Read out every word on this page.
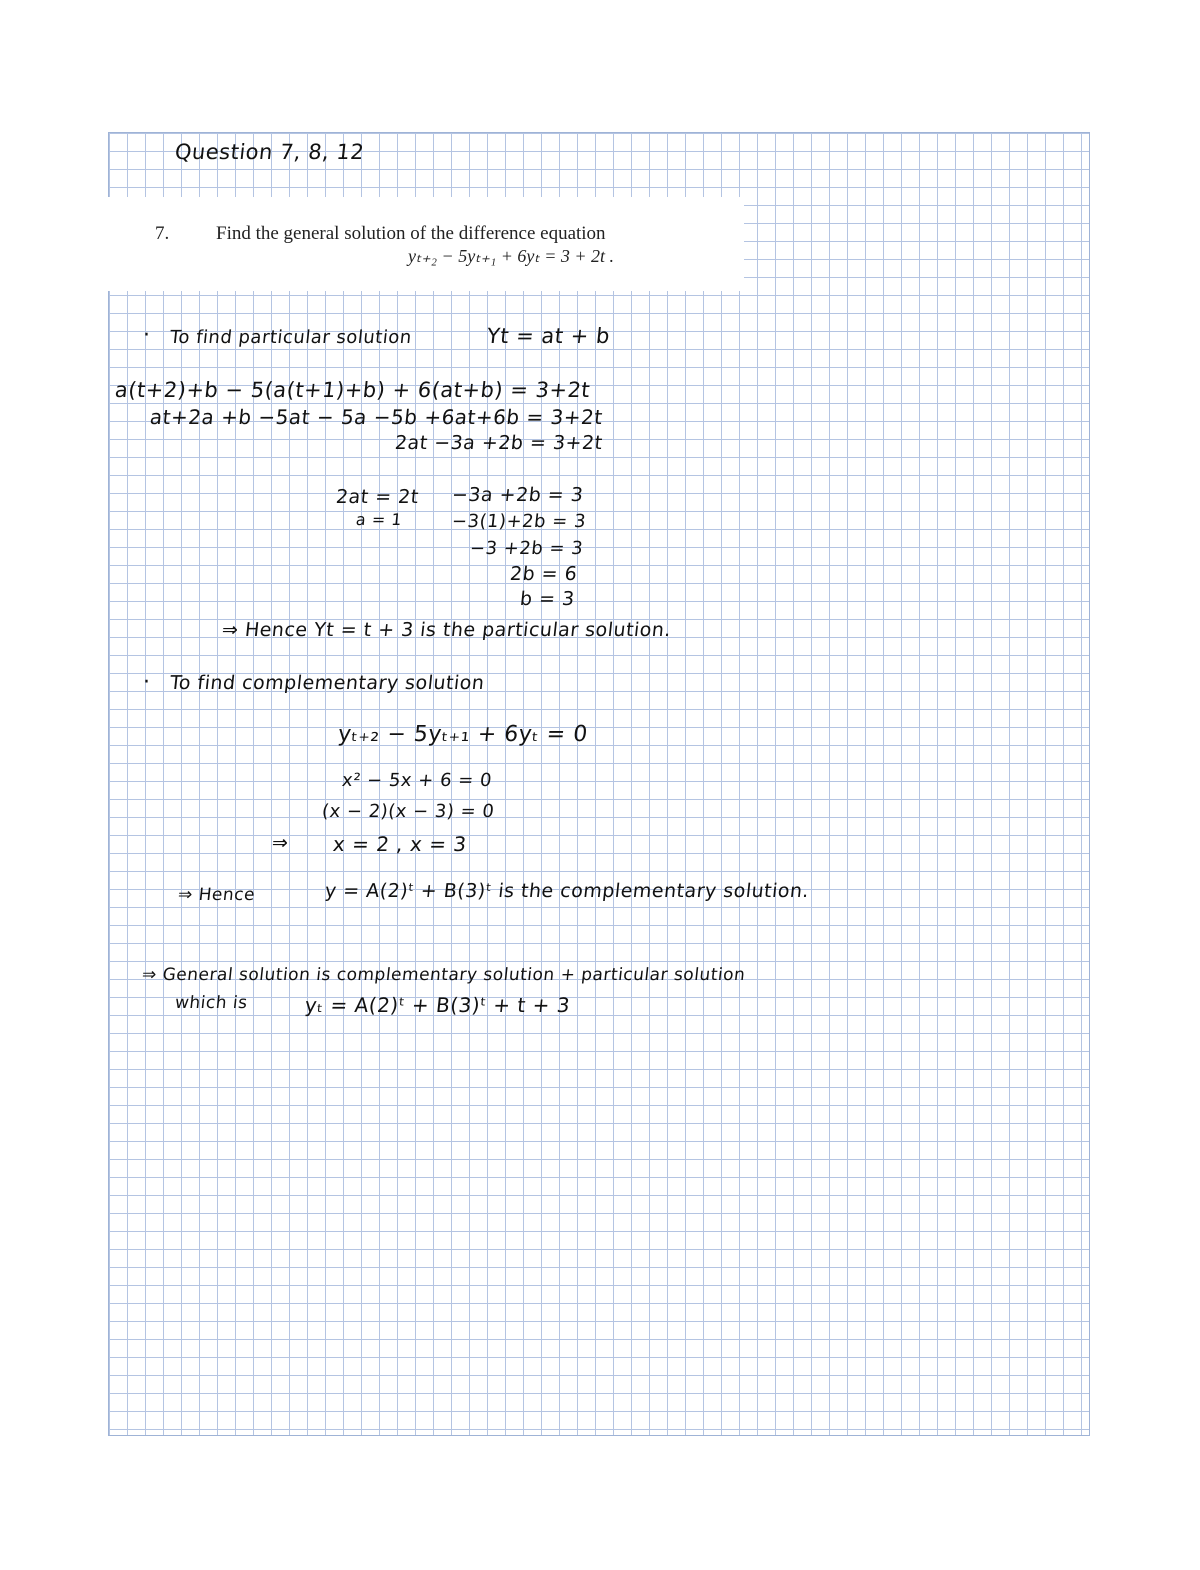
Question 7, 8, 12
7. Find the general solution of the difference equation
yₜ₊₂ − 5yₜ₊₁ + 6yₜ = 3 + 2t .
· To find particular solution	Yt = at + b
a(t+2)+b − 5(a(t+1)+b) + 6(at+b) = 3+2t
at+2a +b −5at − 5a −5b +6at+6b = 3+2t
2at −3a +2b = 3+2t
2at = 2t
a = 1
−3a +2b = 3
−3(1)+2b = 3
−3 +2b = 3
2b = 6
b = 3
⇒ Hence Yt = t + 3 is the particular solution.
· To find complementary solution
yₜ₊₂ − 5yₜ₊₁ + 6yₜ = 0
x² − 5x + 6 = 0
(x − 2)(x − 3) = 0
⇒ x = 2 , x = 3
⇒ Hence	y = A(2)ᵗ + B(3)ᵗ is the complementary solution.
⇒ General solution is complementary solution + particular solution
which is	yₜ = A(2)ᵗ + B(3)ᵗ + t + 3
